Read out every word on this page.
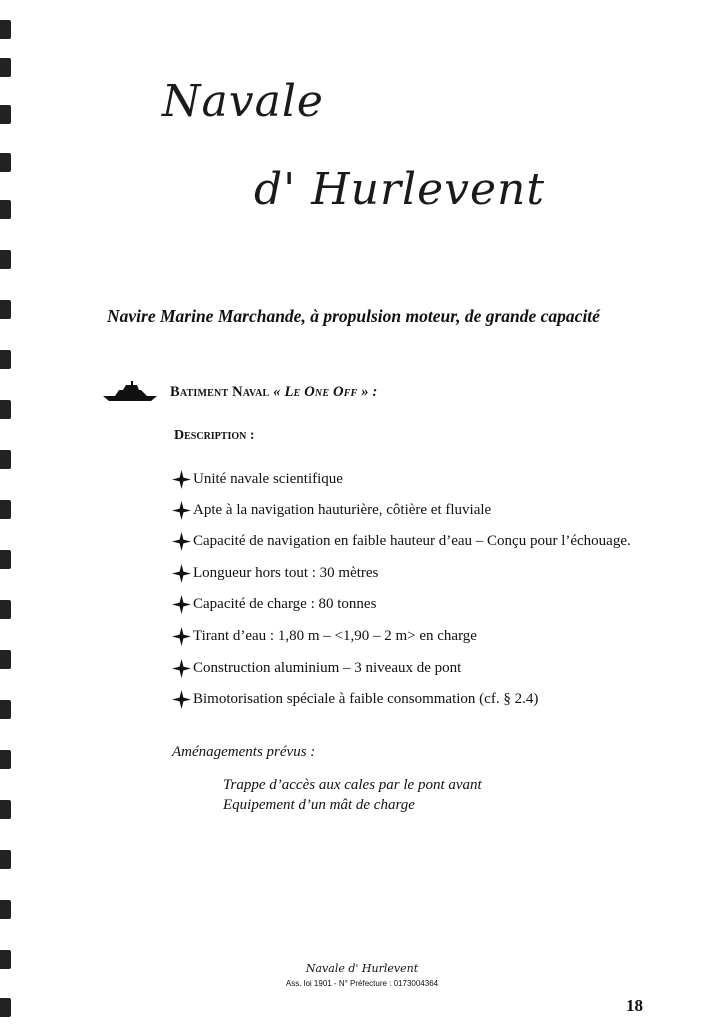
Navale
d' Hurlevent
Navire Marine Marchande, à propulsion moteur, de grande capacité
Batiment Naval « Le One Off » :
Description :
Unité navale scientifique
Apte à la navigation hauturière, côtière et fluviale
Capacité de navigation en faible hauteur d’eau – Conçu pour l’échouage.
Longueur hors tout : 30 mètres
Capacité de charge : 80 tonnes
Tirant d’eau : 1,80 m – <1,90 – 2 m> en charge
Construction aluminium – 3 niveaux de pont
Bimotorisation spéciale à faible consommation (cf. § 2.4)
Aménagements prévus :
Trappe d’accès aux cales par le pont avant
Equipement d’un mât de charge
Navale d' Hurlevent
Ass. loi 1901 - N° Préfecture : 0173004364
18
